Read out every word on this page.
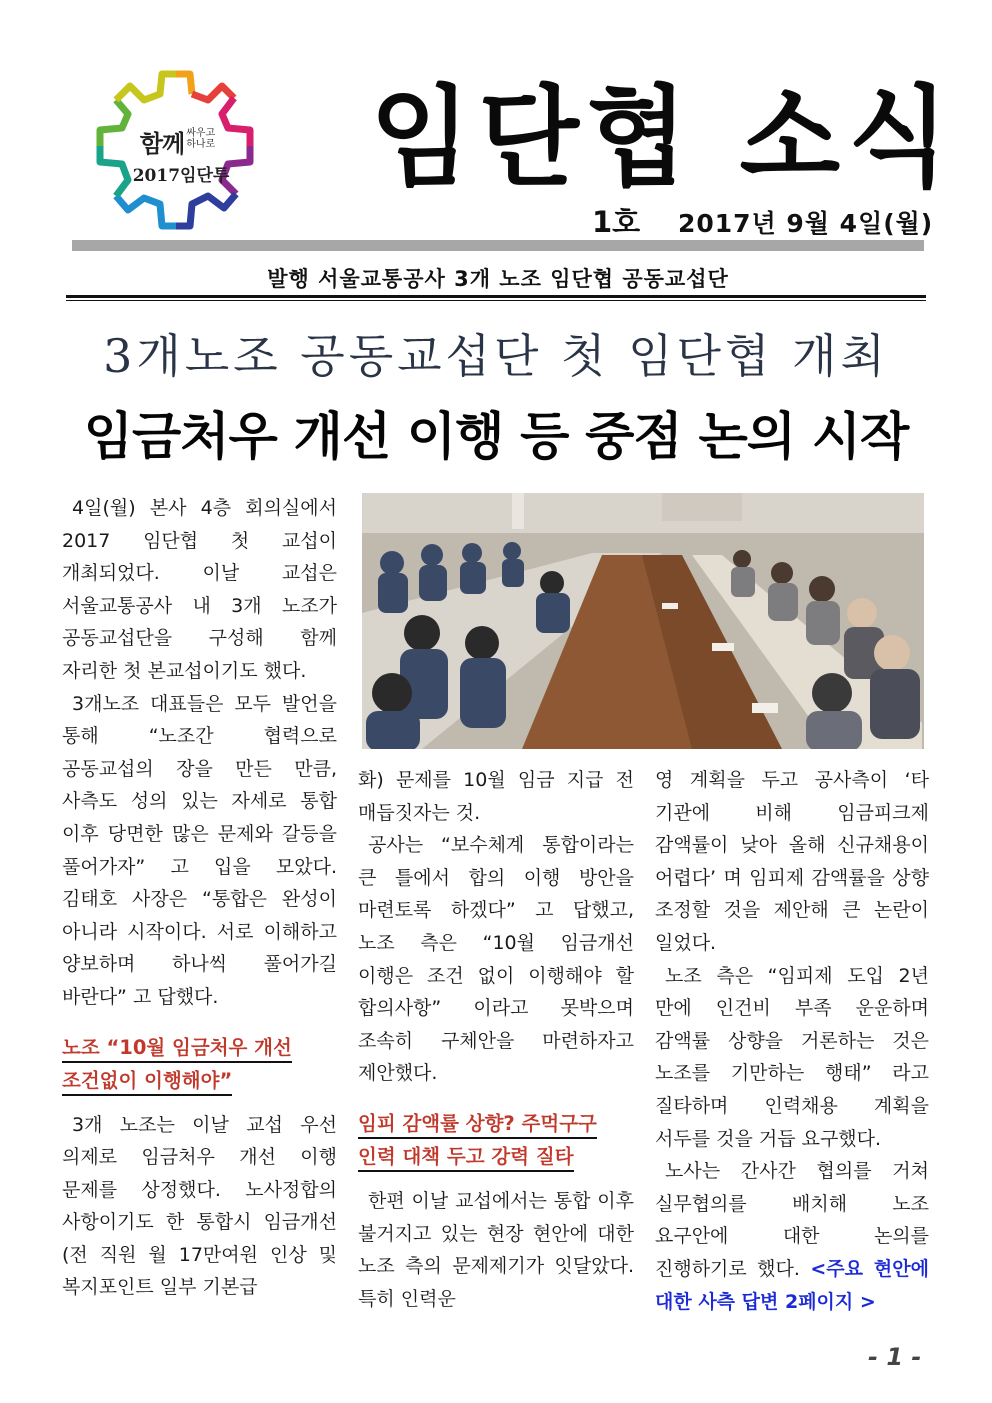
함께 싸우고
하나로
2017임단투 임단협 소식
1호 2017년 9월 4일(월)
발행 서울교통공사 3개 노조 임단협 공동교섭단
3개노조 공동교섭단 첫 임단협 개최
임금처우 개선 이행 등 중점 논의 시작

4일(월) 본사 4층 회의실에서 2017 임단협 첫 교섭이 개최되었다. 이날 교섭은 서울교통공사 내 3개 노조가 공동교섭단을 구성해 함께 자리한 첫 본교섭이기도 했다.

3개노조 대표들은 모두 발언을 통해 “노조간 협력으로 공동교섭의 장을 만든 만큼, 사측도 성의 있는 자세로 통합 이후 당면한 많은 문제와 갈등을 풀어가자” 고 입을 모았다. 김태호 사장은 “통합은 완성이 아니라 시작이다. 서로 이해하고 양보하며 하나씩 풀어가길 바란다” 고 답했다.

노조 “10월 임금처우 개선

조건없이 이행해야”

3개 노조는 이날 교섭 우선 의제로 임금처우 개선 이행 문제를 상정했다. 노사정합의 사항이기도 한 통합시 임금개선(전 직원 월 17만여원 인상 및 복지포인트 일부 기본급

화) 문제를 10월 임금 지급 전 매듭짓자는 것.

공사는 “보수체계 통합이라는 큰 틀에서 합의 이행 방안을 마련토록 하겠다” 고 답했고, 노조 측은 “10월 임금개선 이행은 조건 없이 이행해야 할 합의사항” 이라고 못박으며 조속히 구체안을 마련하자고 제안했다.

임피 감액률 상향? 주먹구구

인력 대책 두고 강력 질타

한편 이날 교섭에서는 통합 이후 불거지고 있는 현장 현안에 대한 노조 측의 문제제기가 잇달았다. 특히 인력운

영 계획을 두고 공사측이 ‘타 기관에 비해 임금피크제 감액률이 낮아 올해 신규채용이 어렵다’ 며 임피제 감액률을 상향 조정할 것을 제안해 큰 논란이 일었다.

노조 측은 “임피제 도입 2년 만에 인건비 부족 운운하며 감액률 상향을 거론하는 것은 노조를 기만하는 행태” 라고 질타하며 인력채용 계획을 서두를 것을 거듭 요구했다.

노사는 간사간 협의를 거쳐 실무협의를 배치해 노조 요구안에 대한 논의를 진행하기로 했다. <주요 현안에 대한 사측 답변 2페이지 >

- 1 -
